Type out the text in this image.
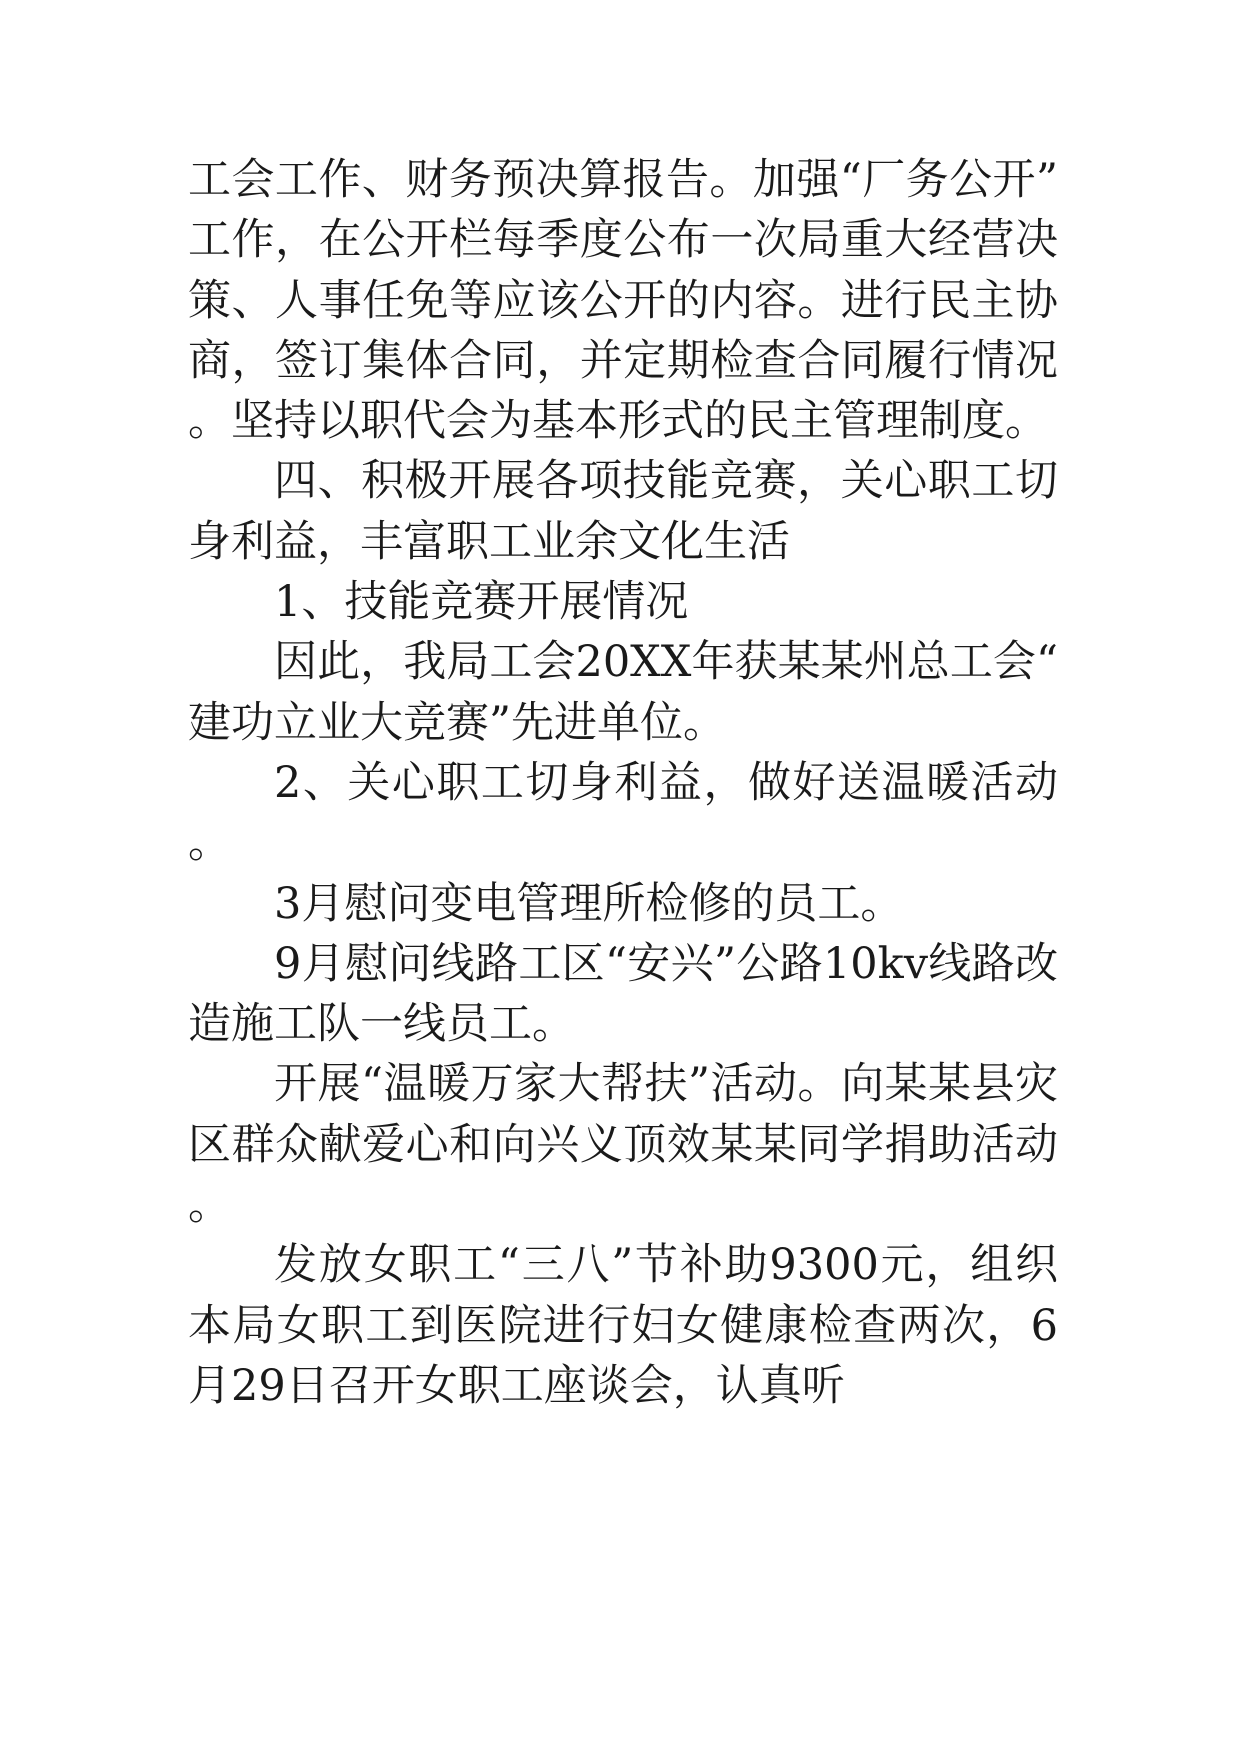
工会工作、财务预决算报告。加强“厂务公开”工作，在公开栏每季度公布一次局重大经营决策、人事任免等应该公开的内容。进行民主协商，签订集体合同，并定期检查合同履行情况。坚持以职代会为基本形式的民主管理制度。

四、积极开展各项技能竞赛，关心职工切身利益，丰富职工业余文化生活

1、技能竞赛开展情况

因此，我局工会20XX年获某某州总工会“建功立业大竞赛”先进单位。

2、关心职工切身利益，做好送温暖活动。

3月慰问变电管理所检修的员工。

9月慰问线路工区“安兴”公路10kv线路改造施工队一线员工。

开展“温暖万家大帮扶”活动。向某某县灾区群众献爱心和向兴义顶效某某同学捐助活动。

发放女职工“三八”节补助9300元，组织本局女职工到医院进行妇女健康检查两次，6月29日召开女职工座谈会，认真听
